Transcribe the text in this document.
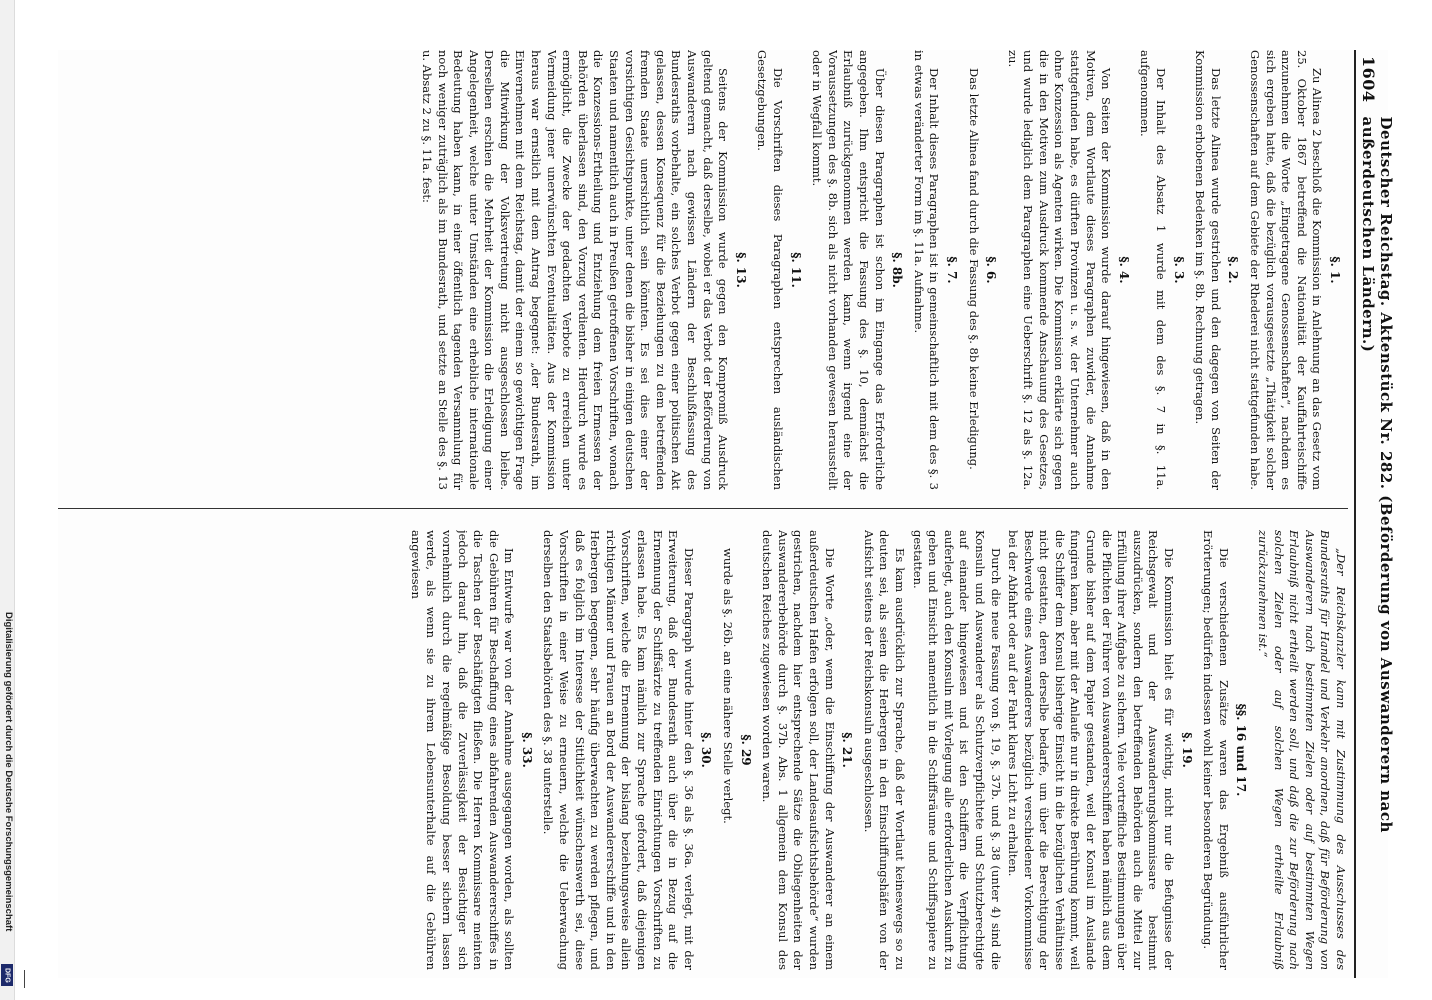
Digitalisierung gefördert durch die Deutsche Forschungsgemeinschaft
DFG
1604
Deutscher Reichstag. Aktenstück Nr. 282. (Beförderung von Auswanderern nach außerdeutschen Ländern.)
§. 1.
Zu Alinea 2 beschloß die Kommission in Anlehnung an das Gesetz vom 25. Oktober 1867 betreffend die Nationalität der Kauffahrteischiffe anzunehmen die Worte „Eingetragene Genossenschaften“, nachdem es sich ergeben hatte, daß die bezüglich vorausgesetzte „Thätigkeit solcher Genossenschaften auf dem Gebiete der Rhederei nicht stattgefunden habe.
§. 2.
Das letzte Alinea wurde gestrichen und den dagegen von Seiten der Kommission erhobenen Bedenken im §. 8b. Rechnung getragen.
§. 3.
Der Inhalt des Absatz 1 wurde mit dem des §. 7 in §. 11a. aufgenommen.
§. 4.
Von Seiten der Kommission wurde darauf hingewiesen, daß in den Motiven, dem Wortlaute dieses Paragraphen zuwider, die Annahme stattgefunden habe, es dürften Provinzen u. s. w. der Unternehmer auch ohne Konzession als Agenten wirken. Die Kommission erklärte sich gegen die in den Motiven zum Ausdruck kommende Anschauung des Gesetzes, und wurde lediglich dem Paragraphen eine Ueberschrift §. 12 als §. 12a. zu.
§. 6.
Das letzte Alinea fand durch die Fassung des §. 8b keine Erledigung.
§. 7.
Der Inhalt dieses Paragraphen ist in gemeinschaftlich mit dem des §. 3 in etwas veränderter Form im §. 11a. Aufnahme.
§. 8b.
Über diesen Paragraphen ist schon im Eingange das Erforderliche angegeben. Ihm entspricht die Fassung des §. 10, demnächst die Erlaubniß zurückgenommen werden kann, wenn irgend eine der Voraussetzungen des §. 8b. sich als nicht vorhanden gewesen herausstellt oder in Wegfall kommt.
§. 11.
Die Vorschriften dieses Paragraphen entsprechen ausländischen Gesetzgebungen.
§. 13.
Seitens der Kommission wurde gegen den Kompromiß Ausdruck geltend gemacht, daß derselbe, wobei er das Verbot der Beförderung von Auswanderern nach gewissen Ländern der Beschlußfassung des Bundesraths vorbehalte, ein solches Verbot gegen einer politischen Akt gelassen, dessen Konsequenz für die Beziehungen zu dem betreffenden fremden Staate unersichtlich sein könnten. Es sei dies einer der vorsichtigen Gesichtspunkte, unter denen die bisher in einigen deutschen Staaten und namentlich auch in Preußen getroffenen Vorschriften, wonach die Konzessions-Ertheilung und Entziehung dem freien Ermessen der Behörden überlassen sind, den Vorzug verdienten. Hierdurch wurde es ermöglicht, die Zwecke der gedachten Verbote zu erreichen unter Vermeidung jener unerwünschten Eventualitäten. Aus der Kommission heraus war ernstlich mit dem Antrag begegnet: „der Bundesrath, im Einvernehmen mit dem Reichstag, damit der einem so gewichtigen Frage die Mitwirkung der Volksvertretung nicht ausgeschlossen bleibe. Derselben erschien die Mehrheit der Kommission die Erledigung einer Angelegenheit, welche unter Umständen eine erhebliche internationale Bedeutung haben kann, in einer öffentlich tagenden Versammlung für noch weniger zuträglich als im Bundesrath, und setzte an Stelle des §. 13 u. Absatz 2 zu §. 11a. fest:
„Der Reichskanzler kann mit Zustimmung des Ausschusses des Bundesraths für Handel und Verkehr anordnen, daß für Beförderung von Auswanderern nach bestimmten Zielen oder auf bestimmten Wegen Erlaubniß nicht ertheilt werden soll, und daß die zur Beförderung nach solchen Zielen oder auf solchen Wegen ertheilte Erlaubniß zurückzunehmen ist.“
§§. 16 und 17.
Die verschiedenen Zusätze waren das Ergebniß ausführlicher Erörterungen; bedürfen indessen wohl keiner besonderen Begründung.
§. 19.
Die Kommission hielt es für wichtig, nicht nur die Befugnisse der Reichsgewalt und der Auswanderungskommissare bestimmt auszudrücken, sondern den betreffenden Behörden auch die Mittel zur Erfüllung ihrer Aufgabe zu sichern. Viele vortreffliche Bestimmungen über die Pflichten der Führer von Auswandererschiffen haben nämlich aus dem Grunde bisher auf dem Papier gestanden, weil der Konsul im Auslande fungiren kann, aber mit der Anlaufe nur in direkte Berührung kommt, weil die Schiffer dem Konsul bisherige Einsicht in die bezüglichen Verhältnisse nicht gestatten, deren derselbe bedarfe, um über die Berechtigung der Beschwerde eines Auswanderers bezüglich verschiedener Vorkommnisse bei der Abfahrt oder auf der Fahrt klares Licht zu erhalten.
Durch die neue Fassung von §. 19, §. 37b. und §. 38 (unter 4) sind die Konsuln und Auswanderer als Schutzverpflichtete und Schutzberechtigte auf einander hingewiesen und ist den Schiffern die Verpflichtung auferlegt, auch den Konsuln mit Vorlegung alle erforderlichen Auskunft zu geben und Einsicht namentlich in die Schiffsräume und Schiffspapiere zu gestatten.
Es kam ausdrücklich zur Sprache, daß der Wortlaut keineswegs so zu deuten sei, als seien die Herbergen in den Einschiffungshäfen von der Aufsicht seitens der Reichskonsuln ausgeschlossen.
§. 21.
Die Worte „oder, wenn die Einschiffung der Auswanderer an einem außerdeutschen Hafen erfolgen soll, der Landesaufsichtsbehörde“ wurden gestrichen, nachdem hier entsprechende Sätze die Obliegenheiten der Auswandererbehörde durch §. 37b. Abs. 1 allgemein dem Konsul des deutschen Reiches zugewiesen worden waren.
§. 29
wurde als §. 26b. an eine nähere Stelle verlegt.
§. 30.
Dieser Paragraph wurde hinter den §. 36 als §. 36a. verlegt, mit der Erweiterung, daß der Bundesrath auch über die in Bezug auf die Ernennung der Schiffsärzte zu treffenden Einrichtungen Vorschriften zu erlassen habe. Es kam nämlich zur Sprache gefordert, daß diejenigen Vorschriften, welche die Ernennung der bislang beziehungsweise allein richtigen Männer und Frauen an Bord der Auswandererschiffe und in den Herbergen begegnen, sehr häufig überwachten zu werden pflegen, und daß es folglich im Interesse der Sittlichkeit wünschenswerth sei, diese Vorschriften in einer Weise zu erneuern, welche die Ueberwachung derselben den Staatsbehörden des §. 38 unterstelle.
§. 33.
Im Entwurfe war von der Annahme ausgegangen worden, als sollten die Gebühren für Beschaffung eines abfahrenden Auswandererschiffes in die Taschen der Beschäftigten fließen. Die Herren Kommissare meinten jedoch darauf hin, daß die Zuverlässigkeit der Besichtiger sich vornehmlich durch die regelmäßige Besoldung besser sichern lassen werde, als wenn sie zu ihrem Lebensunterhalte auf die Gebühren angewiesen
